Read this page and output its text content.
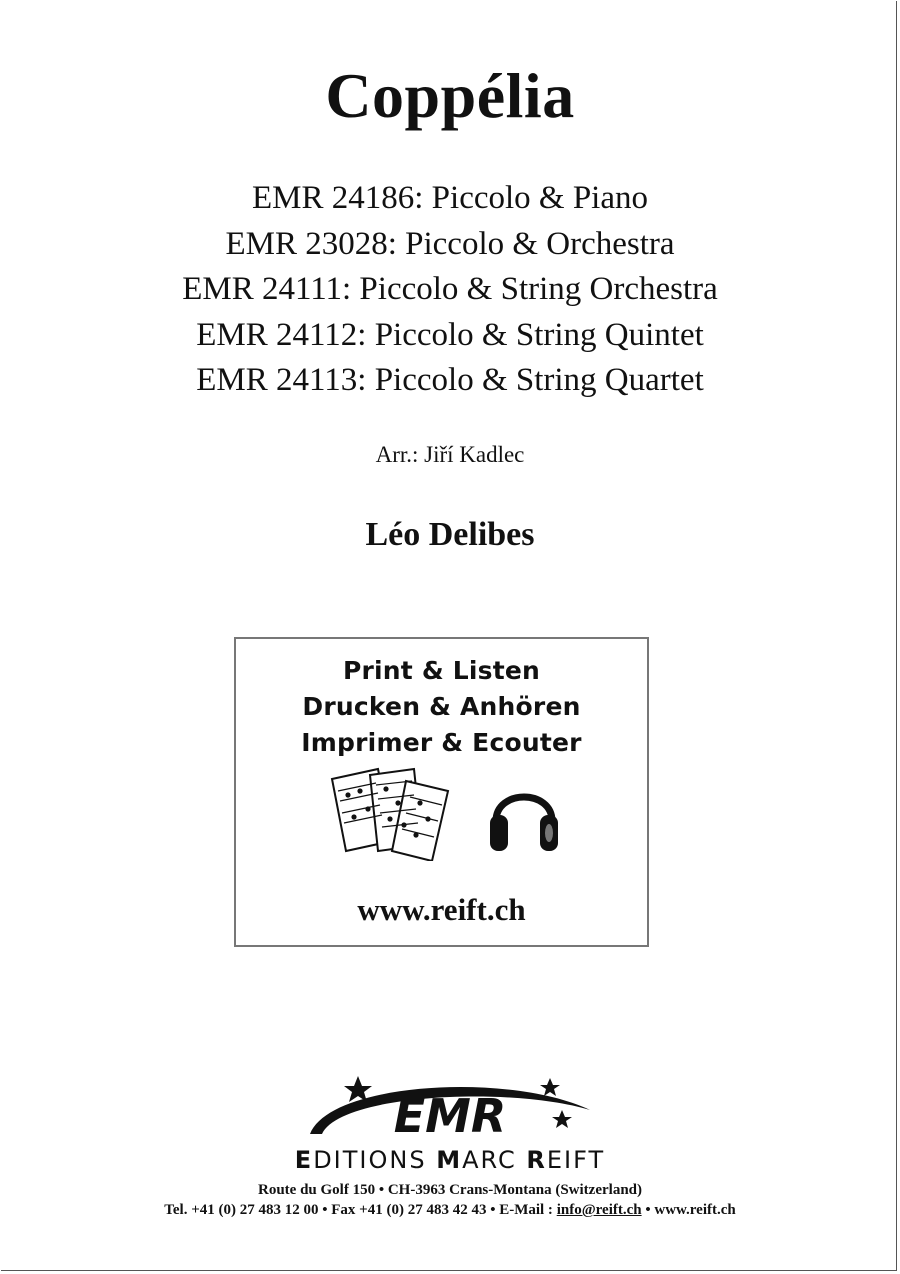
Coppélia
EMR 24186: Piccolo & Piano
EMR 23028: Piccolo & Orchestra
EMR 24111: Piccolo & String Orchestra
EMR 24112: Piccolo & String Quintet
EMR 24113: Piccolo & String Quartet
Arr.: Jiří Kadlec
Léo Delibes
Print & Listen
Drucken & Anhören
Imprimer & Ecouter
www.reift.ch
EMR
EDITIONS MARC REIFT
Route du Golf 150 • CH-3963 Crans-Montana (Switzerland)
Tel. +41 (0) 27 483 12 00 • Fax +41 (0) 27 483 42 43 • E-Mail : info@reift.ch • www.reift.ch
